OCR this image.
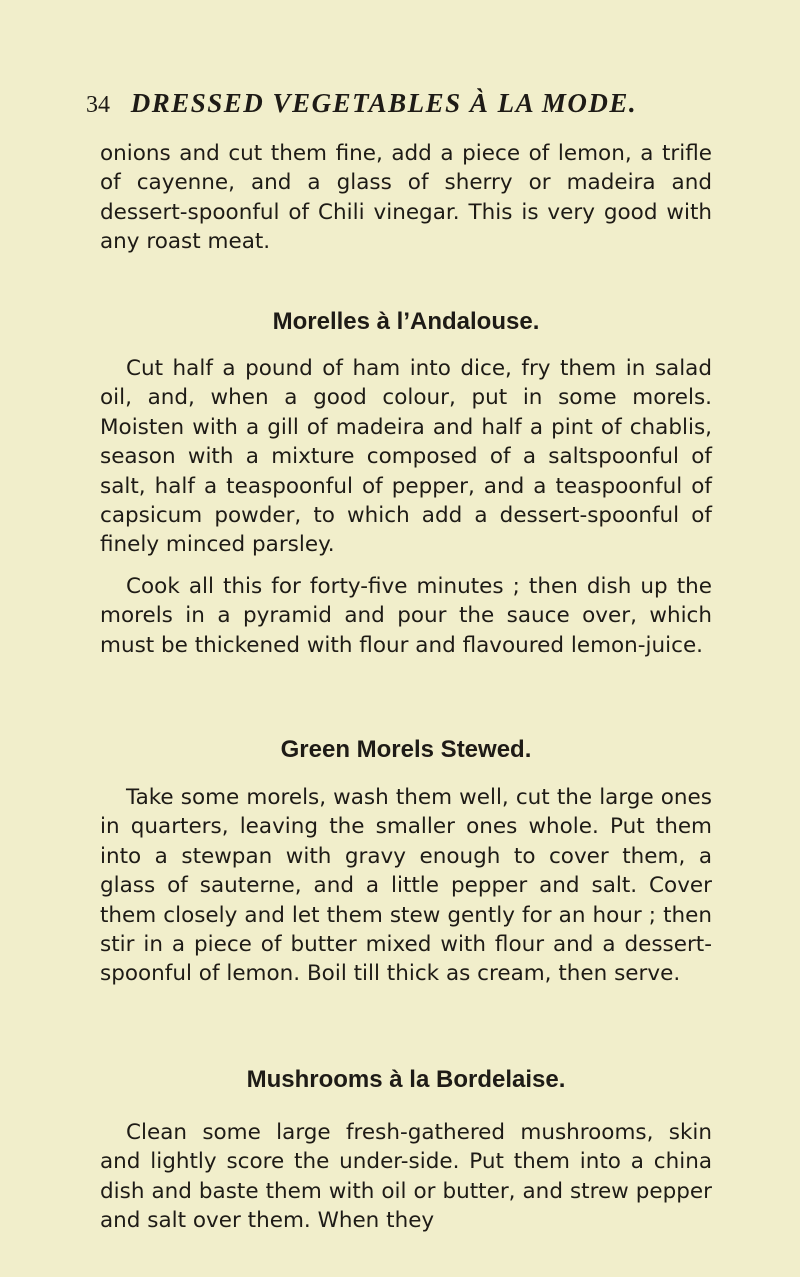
34 DRESSED VEGETABLES À LA MODE.

onions and cut them fine, add a piece of lemon, a trifle of cayenne, and a glass of sherry or madeira and dessert-spoonful of Chili vinegar. This is very good with any roast meat.

Morelles à l’Andalouse.

Cut half a pound of ham into dice, fry them in salad oil, and, when a good colour, put in some morels. Moisten with a gill of madeira and half a pint of chablis, season with a mixture composed of a saltspoonful of salt, half a teaspoonful of pepper, and a teaspoonful of capsicum powder, to which add a dessert-spoonful of finely minced parsley.

Cook all this for forty-five minutes ; then dish up the morels in a pyramid and pour the sauce over, which must be thickened with flour and flavoured lemon-juice.

Green Morels Stewed.

Take some morels, wash them well, cut the large ones in quarters, leaving the smaller ones whole. Put them into a stewpan with gravy enough to cover them, a glass of sauterne, and a little pepper and salt. Cover them closely and let them stew gently for an hour ; then stir in a piece of butter mixed with flour and a dessert-spoonful of lemon. Boil till thick as cream, then serve.

Mushrooms à la Bordelaise.

Clean some large fresh-gathered mushrooms, skin and lightly score the under-side. Put them into a china dish and baste them with oil or butter, and strew pepper and salt over them. When they
